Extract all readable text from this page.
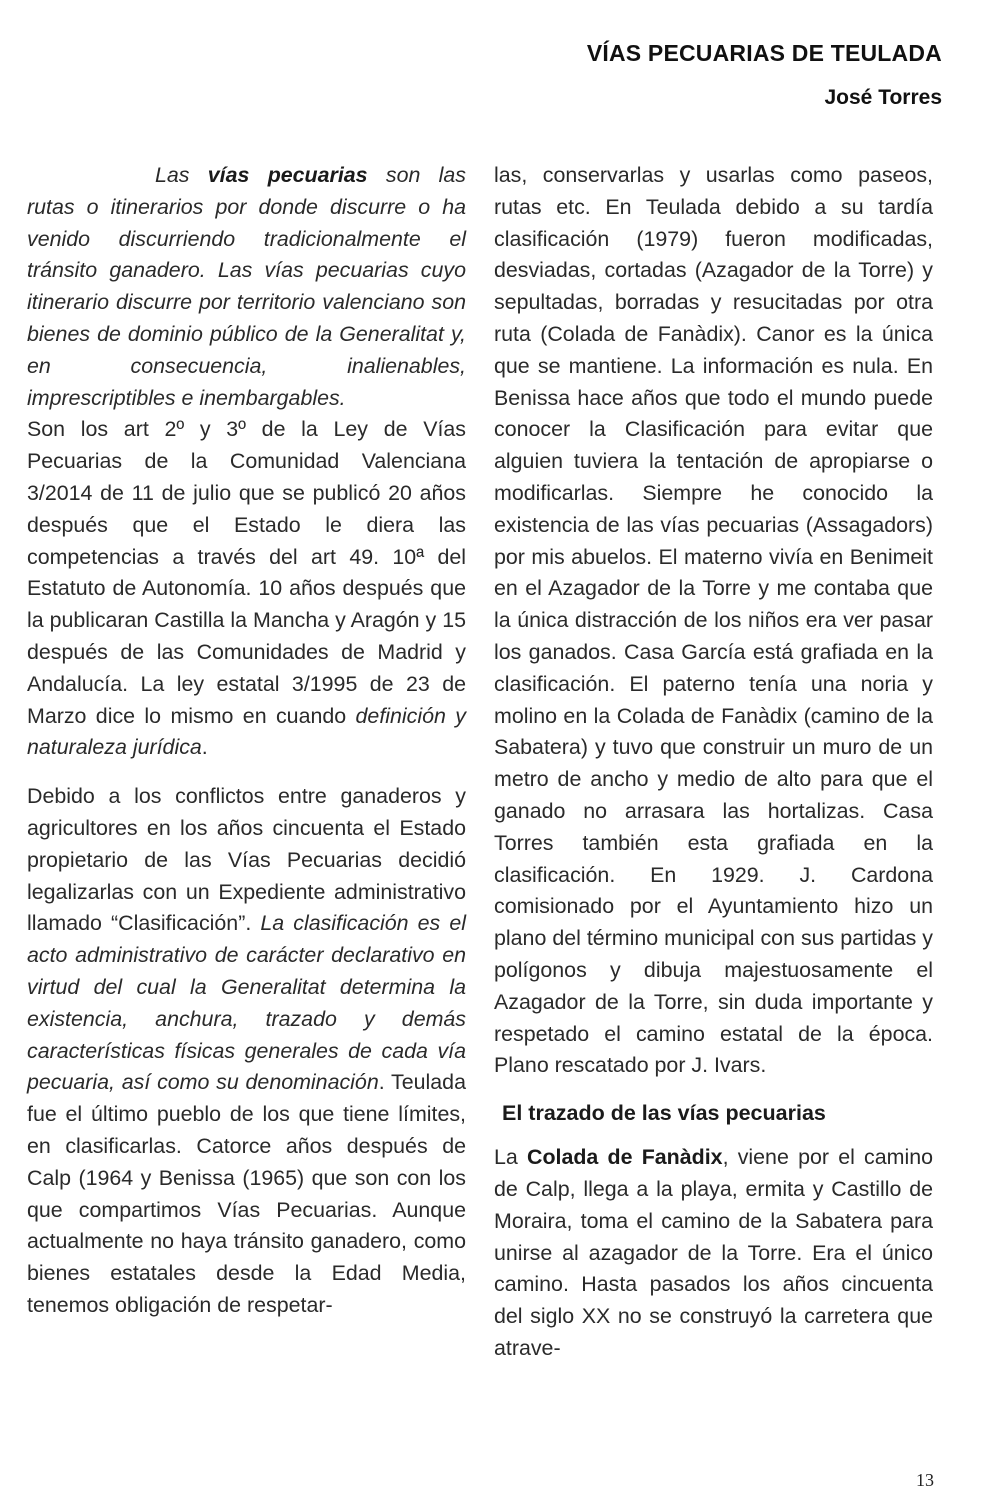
VÍAS PECUARIAS DE TEULADA
José Torres

Las vías pecuarias son las rutas o itinerarios por donde discurre o ha venido discurriendo tradicionalmente el tránsito ganadero. Las vías pecuarias cuyo itinerario discurre por territorio valenciano son bienes de dominio público de la Generalitat y, en consecuencia, inalienables, imprescriptibles e inembargables.

Son los art 2º y 3º de la Ley de Vías Pecuarias de la Comunidad Valenciana 3/2014 de 11 de julio que se publicó 20 años después que el Estado le diera las competencias a través del art 49. 10ª del Estatuto de Autonomía. 10 años después que la publicaran Castilla la Mancha y Aragón y 15 después de las Comunidades de Madrid y Andalucía. La ley estatal 3/1995 de 23 de Marzo dice lo mismo en cuando definición y naturaleza jurídica.

Debido a los conflictos entre ganaderos y agricultores en los años cincuenta el Estado propietario de las Vías Pecuarias decidió legalizarlas con un Expediente administrativo llamado “Clasificación”. La clasificación es el acto administrativo de carácter declarativo en virtud del cual la Generalitat determina la existencia, anchura, trazado y demás características físicas generales de cada vía pecuaria, así como su denominación. Teulada fue el último pueblo de los que tiene límites, en clasificarlas. Catorce años después de Calp (1964 y Benissa (1965) que son con los que compartimos Vías Pecuarias. Aunque actualmente no haya tránsito ganadero, como bienes estatales desde la Edad Media, tenemos obligación de respetar-

las, conservarlas y usarlas como paseos, rutas etc. En Teulada debido a su tardía clasificación (1979) fueron modificadas, desviadas, cortadas (Azagador de la Torre) y sepultadas, borradas y resucitadas por otra ruta (Colada de Fanàdix). Canor es la única que se mantiene. La información es nula. En Benissa hace años que todo el mundo puede conocer la Clasificación para evitar que alguien tuviera la tentación de apropiarse o modificarlas. Siempre he conocido la existencia de las vías pecuarias (Assagadors) por mis abuelos. El materno vivía en Benimeit en el Azagador de la Torre y me contaba que la única distracción de los niños era ver pasar los ganados. Casa García está grafiada en la clasificación. El paterno tenía una noria y molino en la Colada de Fanàdix (camino de la Sabatera) y tuvo que construir un muro de un metro de ancho y medio de alto para que el ganado no arrasara las hortalizas. Casa Torres también esta grafiada en la clasificación. En 1929. J. Cardona comisionado por el Ayuntamiento hizo un plano del término municipal con sus partidas y polígonos y dibuja majestuosamente el Azagador de la Torre, sin duda importante y respetado el camino estatal de la época. Plano rescatado por J. Ivars.

El trazado de las vías pecuarias

La Colada de Fanàdix, viene por el camino de Calp, llega a la playa, ermita y Castillo de Moraira, toma el camino de la Sabatera para unirse al azagador de la Torre. Era el único camino. Hasta pasados los años cincuenta del siglo XX no se construyó la carretera que atrave-

13
